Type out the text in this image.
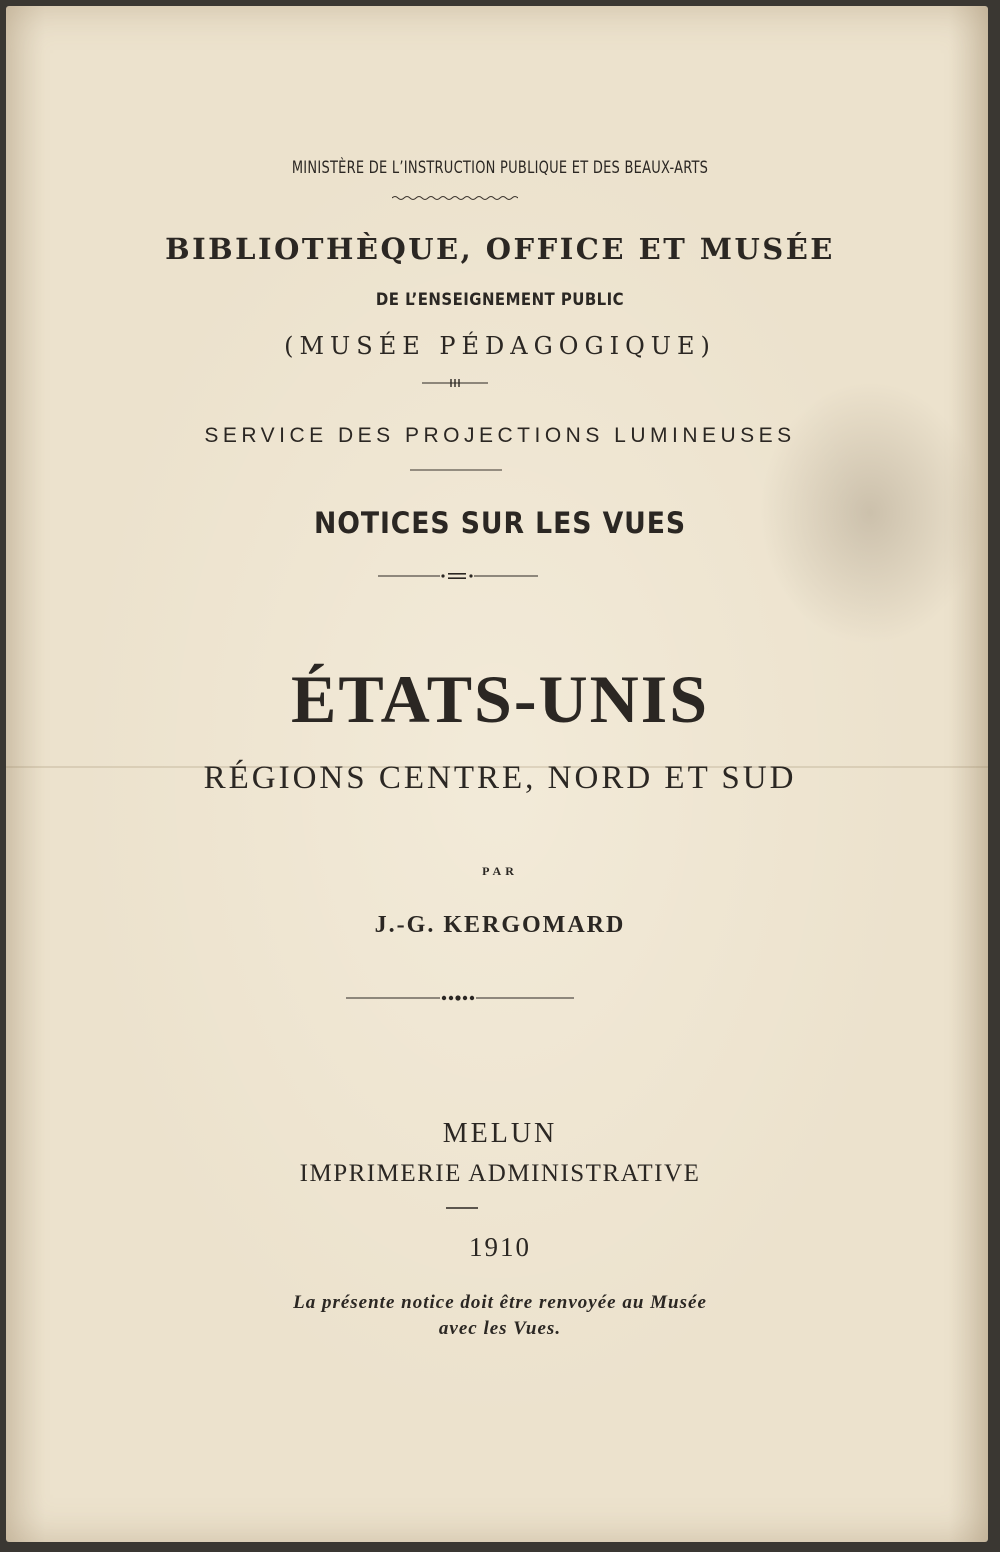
MINISTÈRE DE L’INSTRUCTION PUBLIQUE ET DES BEAUX-ARTS
BIBLIOTHÈQUE, OFFICE ET MUSÉE
DE L’ENSEIGNEMENT PUBLIC
(MUSÉE PÉDAGOGIQUE)
SERVICE DES PROJECTIONS LUMINEUSES
NOTICES SUR LES VUES
ÉTATS-UNIS
RÉGIONS CENTRE, NORD ET SUD
PAR
J.-G. KERGOMARD
MELUN
IMPRIMERIE ADMINISTRATIVE
1910
La présente notice doit être renvoyée au Musée
avec les Vues.
